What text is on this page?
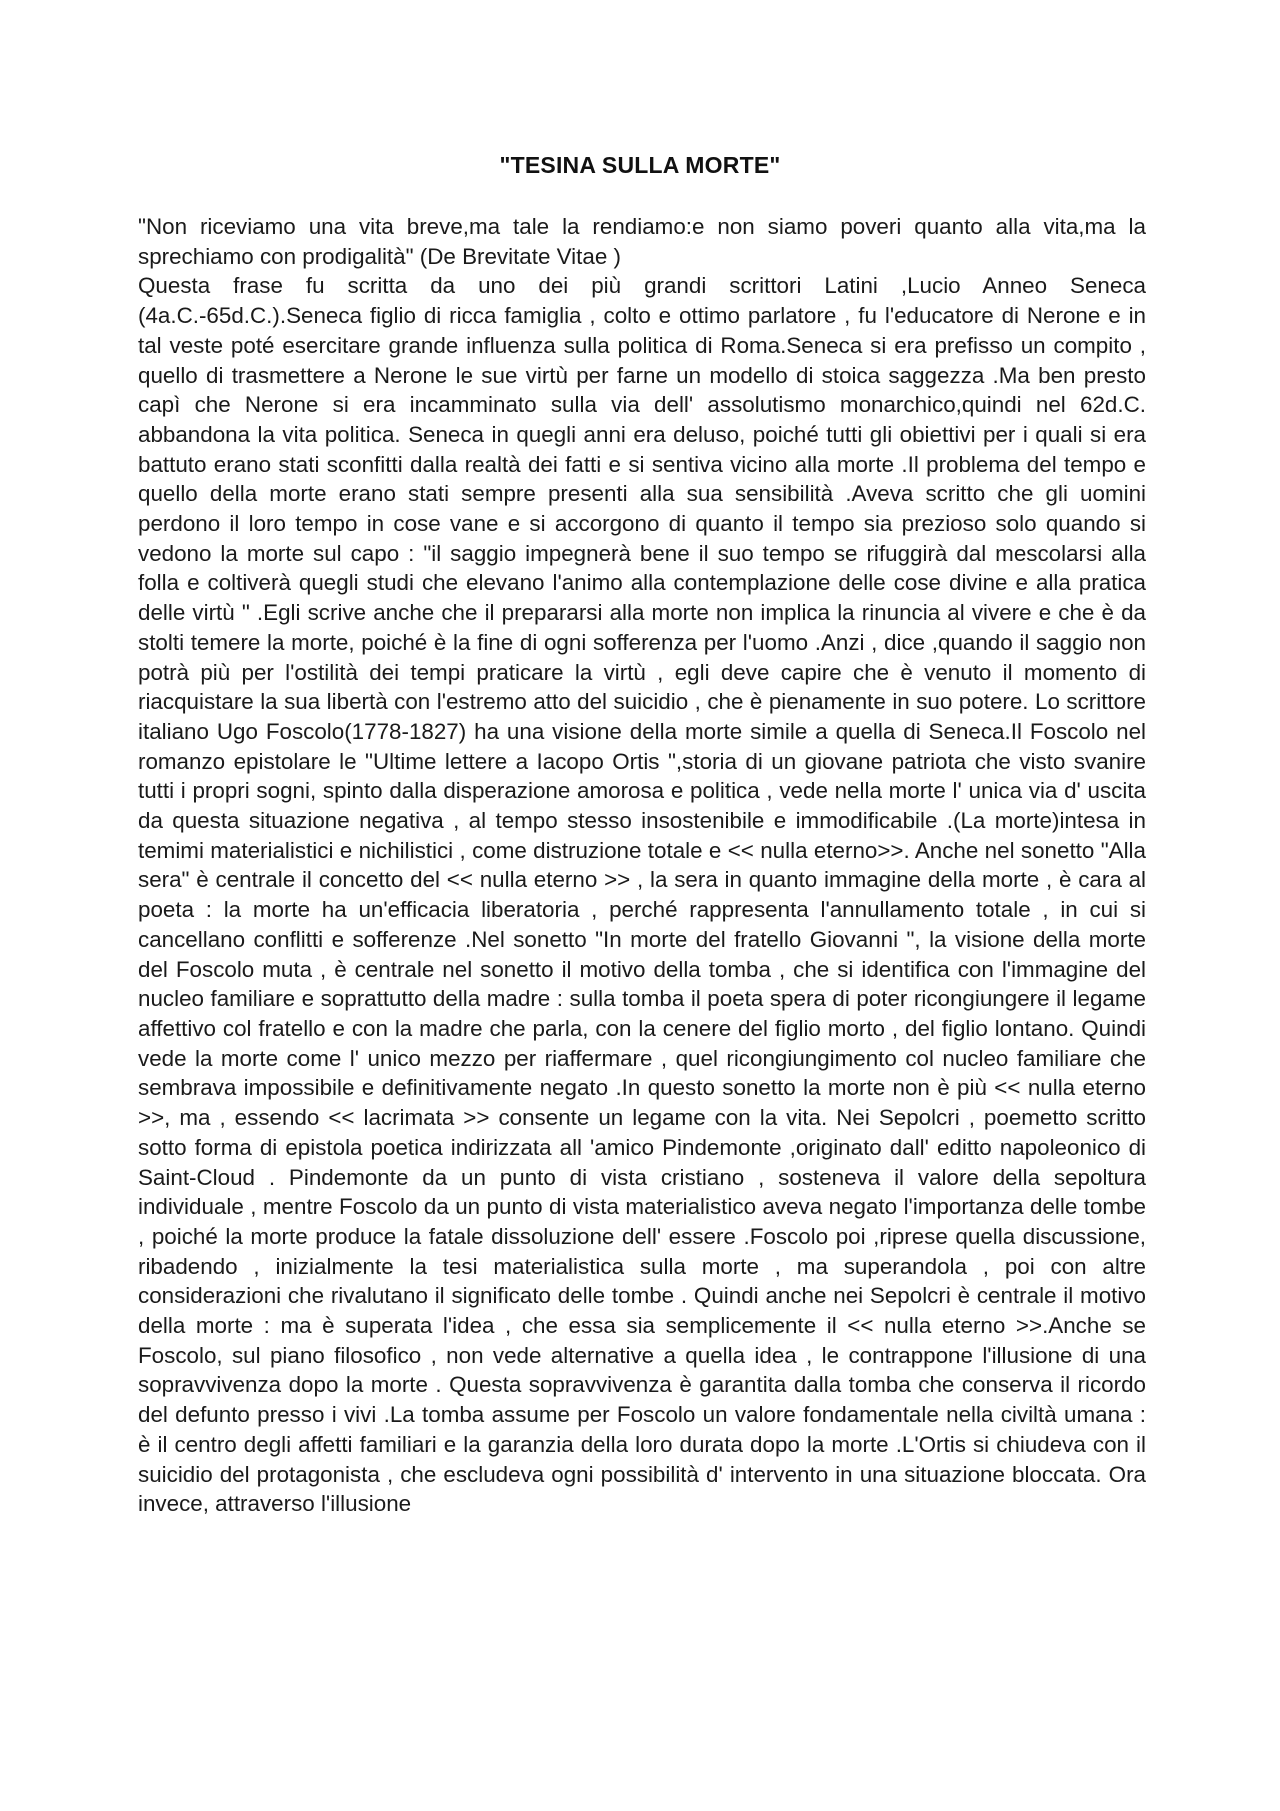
"TESINA SULLA MORTE"

"Non riceviamo una vita breve,ma tale la rendiamo:e non siamo poveri quanto alla vita,ma la sprechiamo con prodigalità" (De Brevitate Vitae )

Questa frase fu scritta da uno dei più grandi scrittori Latini ,Lucio Anneo Seneca (4a.C.-65d.C.).Seneca figlio di ricca famiglia , colto e ottimo parlatore , fu l'educatore di Nerone e in tal veste poté esercitare grande influenza sulla politica di Roma.Seneca si era prefisso un compito , quello di trasmettere a Nerone le sue virtù per farne un modello di stoica saggezza .Ma ben presto capì che Nerone si era incamminato sulla via dell' assolutismo monarchico,quindi nel 62d.C. abbandona la vita politica. Seneca in quegli anni era deluso, poiché tutti gli obiettivi per i quali si era battuto erano stati sconfitti dalla realtà dei fatti e si sentiva vicino alla morte .Il problema del tempo e quello della morte erano stati sempre presenti alla sua sensibilità .Aveva scritto che gli uomini perdono il loro tempo in cose vane e si accorgono di quanto il tempo sia prezioso solo quando si vedono la morte sul capo : "il saggio impegnerà bene il suo tempo se rifuggirà dal mescolarsi alla folla e coltiverà quegli studi che elevano l'animo alla contemplazione delle cose divine e alla pratica delle virtù " .Egli scrive anche che il prepararsi alla morte non implica la rinuncia al vivere e che è da stolti temere la morte, poiché è la fine di ogni sofferenza per l'uomo .Anzi , dice ,quando il saggio non potrà più per l'ostilità dei tempi praticare la virtù , egli deve capire che è venuto il momento di riacquistare la sua libertà con l'estremo atto del suicidio , che è pienamente in suo potere. Lo scrittore italiano Ugo Foscolo(1778-1827) ha una visione della morte simile a quella di Seneca.Il Foscolo nel romanzo epistolare le "Ultime lettere a Iacopo Ortis ",storia di un giovane patriota che visto svanire tutti i propri sogni, spinto dalla disperazione amorosa e politica , vede nella morte l' unica via d' uscita da questa situazione negativa , al tempo stesso insostenibile e immodificabile .(La morte)intesa in temimi materialistici e nichilistici , come distruzione totale e << nulla eterno>>. Anche nel sonetto "Alla sera" è centrale il concetto del << nulla eterno >> , la sera in quanto immagine della morte , è cara al poeta : la morte ha un'efficacia liberatoria , perché rappresenta l'annullamento totale , in cui si cancellano conflitti e sofferenze .Nel sonetto "In morte del fratello Giovanni ", la visione della morte del Foscolo muta , è centrale nel sonetto il motivo della tomba , che si identifica con l'immagine del nucleo familiare e soprattutto della madre : sulla tomba il poeta spera di poter ricongiungere il legame affettivo col fratello e con la madre che parla, con la cenere del figlio morto , del figlio lontano. Quindi vede la morte come l' unico mezzo per riaffermare , quel ricongiungimento col nucleo familiare che sembrava impossibile e definitivamente negato .In questo sonetto la morte non è più << nulla eterno >>, ma , essendo << lacrimata >> consente un legame con la vita. Nei Sepolcri , poemetto scritto sotto forma di epistola poetica indirizzata all 'amico Pindemonte ,originato dall' editto napoleonico di Saint-Cloud . Pindemonte da un punto di vista cristiano , sosteneva il valore della sepoltura individuale , mentre Foscolo da un punto di vista materialistico aveva negato l'importanza delle tombe , poiché la morte produce la fatale dissoluzione dell' essere .Foscolo poi ,riprese quella discussione, ribadendo , inizialmente la tesi materialistica sulla morte , ma superandola , poi con altre considerazioni che rivalutano il significato delle tombe . Quindi anche nei Sepolcri è centrale il motivo della morte : ma è superata l'idea , che essa sia semplicemente il << nulla eterno >>.Anche se Foscolo, sul piano filosofico , non vede alternative a quella idea , le contrappone l'illusione di una sopravvivenza dopo la morte . Questa sopravvivenza è garantita dalla tomba che conserva il ricordo del defunto presso i vivi .La tomba assume per Foscolo un valore fondamentale nella civiltà umana : è il centro degli affetti familiari e la garanzia della loro durata dopo la morte .L'Ortis si chiudeva con il suicidio del protagonista , che escludeva ogni possibilità d' intervento in una situazione bloccata. Ora invece, attraverso l'illusione
